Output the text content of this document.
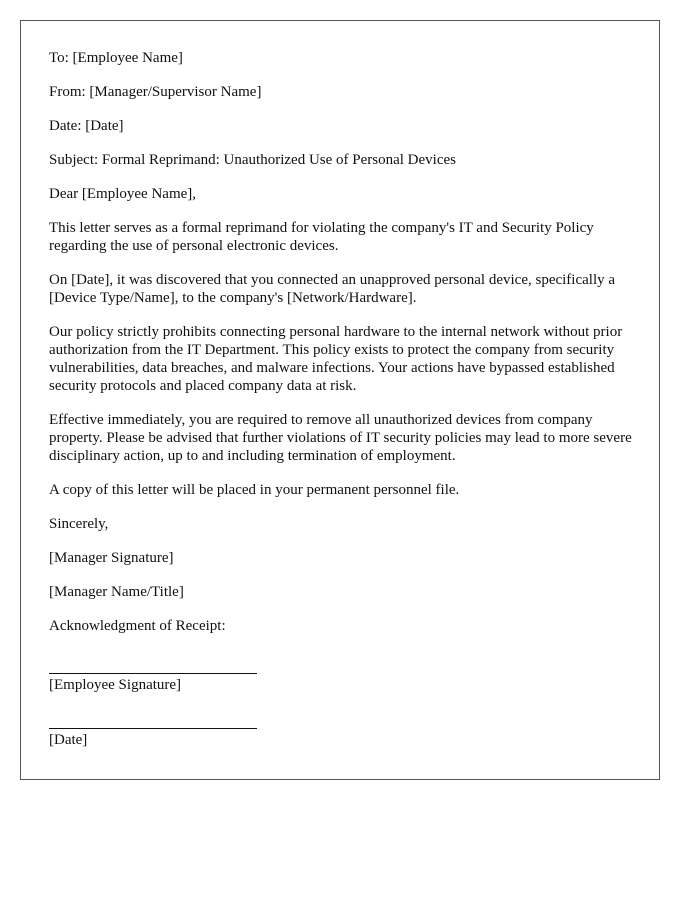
To: [Employee Name]

From: [Manager/Supervisor Name]

Date: [Date]

Subject: Formal Reprimand: Unauthorized Use of Personal Devices

Dear [Employee Name],

This letter serves as a formal reprimand for violating the company's IT and Security Policy regarding the use of personal electronic devices.

On [Date], it was discovered that you connected an unapproved personal device, specifically a [Device Type/Name], to the company's [Network/Hardware].

Our policy strictly prohibits connecting personal hardware to the internal network without prior authorization from the IT Department. This policy exists to protect the company from security vulnerabilities, data breaches, and malware infections. Your actions have bypassed established security protocols and placed company data at risk.

Effective immediately, you are required to remove all unauthorized devices from company property. Please be advised that further violations of IT security policies may lead to more severe disciplinary action, up to and including termination of employment.

A copy of this letter will be placed in your permanent personnel file.

Sincerely,

[Manager Signature]

[Manager Name/Title]

Acknowledgment of Receipt:

[Employee Signature]

[Date]
